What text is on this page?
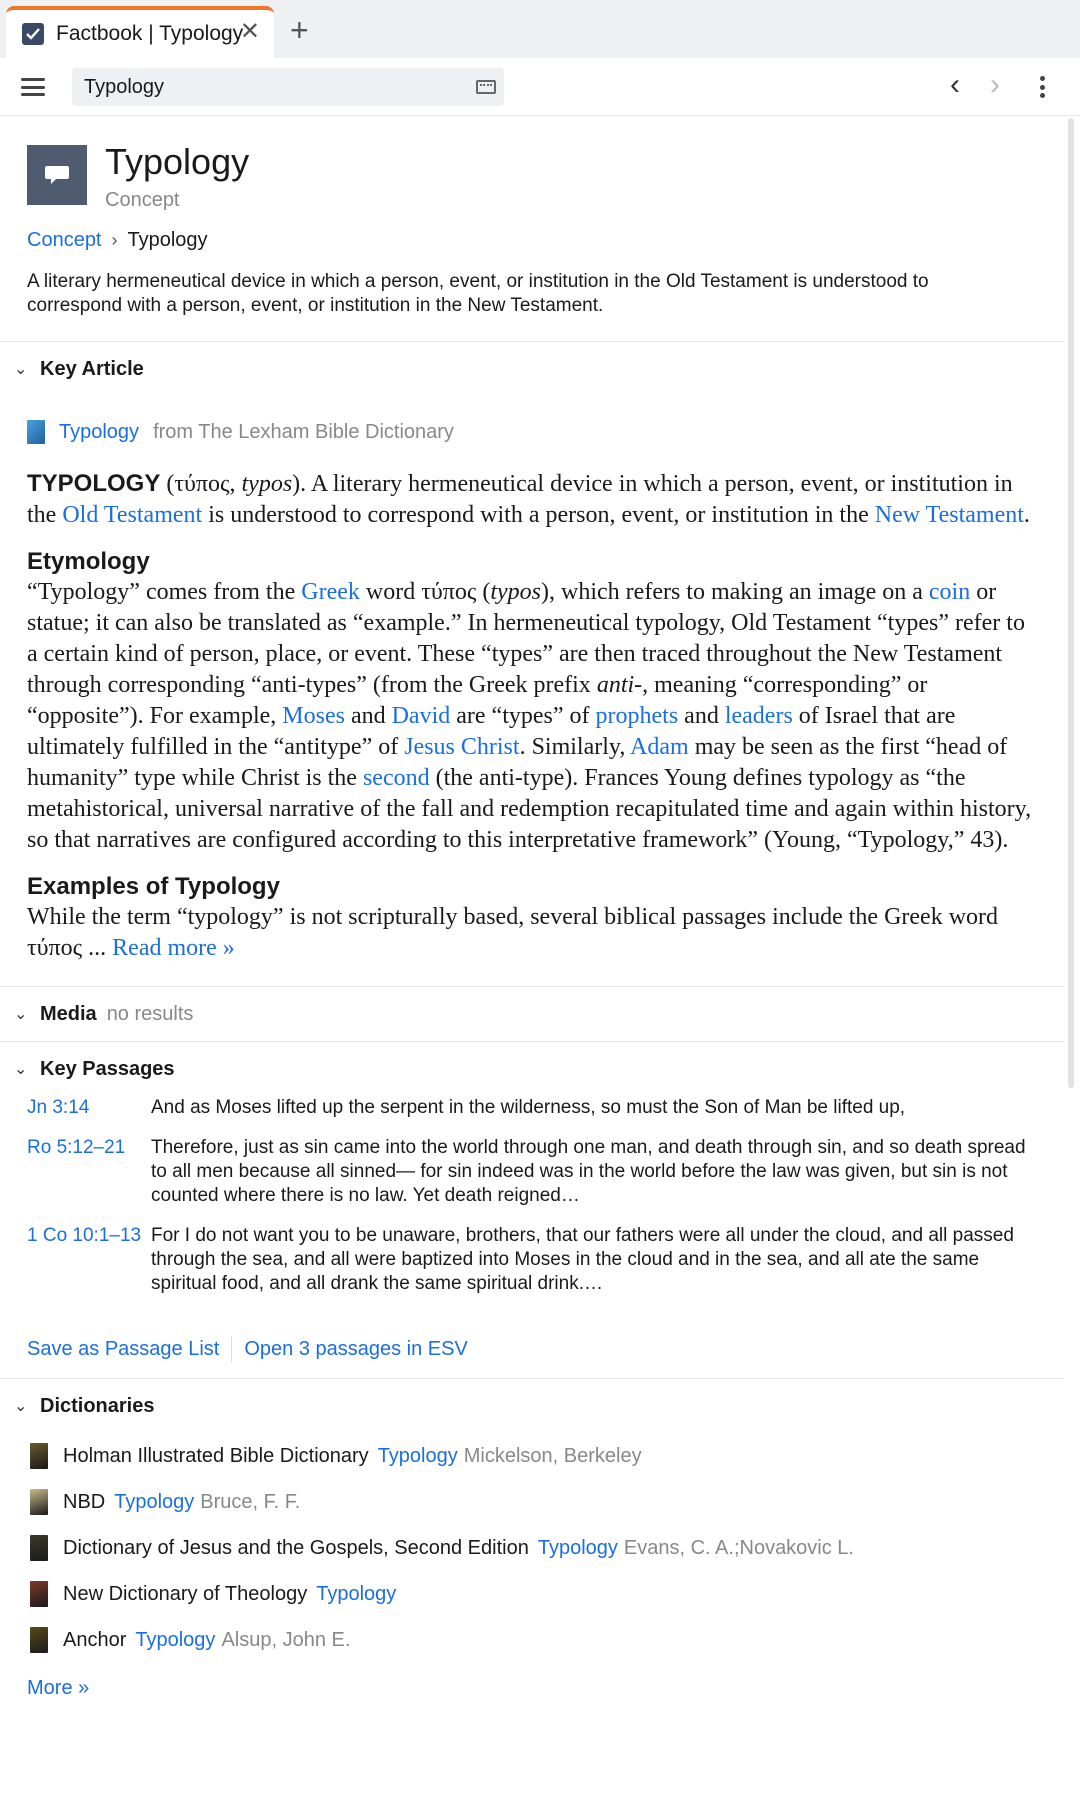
Factbook | Typology
✕ +
Typology
‹ ›
Typology
Concept
Concept › Typology
A literary hermeneutical device in which a person, event, or institution in the Old Testament is understood to correspond with a person, event, or institution in the New Testament.
⌄ Key Article
Typology from The Lexham Bible Dictionary

TYPOLOGY (τύπος, typos). A literary hermeneutical device in which a person, event, or institution in the Old Testament is understood to correspond with a person, event, or institution in the New Testament.

Etymology

“Typology” comes from the Greek word τύπος (typos), which refers to making an image on a coin or statue; it can also be translated as “example.” In hermeneutical typology, Old Testament “types” refer to a certain kind of person, place, or event. These “types” are then traced throughout the New Testament through corresponding “anti-types” (from the Greek prefix anti-, meaning “corresponding” or “opposite”). For example, Moses and David are “types” of prophets and leaders of Israel that are ultimately fulfilled in the “antitype” of Jesus Christ. Similarly, Adam may be seen as the first “head of humanity” type while Christ is the second (the anti-type). Frances Young defines typology as “the metahistorical, universal narrative of the fall and redemption recapitulated time and again within history, so that narratives are configured according to this interpretative framework” (Young, “Typology,” 43).

Examples of Typology

While the term “typology” is not scripturally based, several biblical passages include the Greek word τύπος ... Read more »

⌄ Media no results
⌄ Key Passages
Jn 3:14	And as Moses lifted up the serpent in the wilderness, so must the Son of Man be lifted up,
Ro 5:12–21	Therefore, just as sin came into the world through one man, and death through sin, and so death spread to all men because all sinned— for sin indeed was in the world before the law was given, but sin is not counted where there is no law. Yet death reigned…
1 Co 10:1–13 For I do not want you to be unaware, brothers, that our fathers were all under the cloud, and all passed through the sea, and all were baptized into Moses in the cloud and in the sea, and all ate the same spiritual food, and all drank the same spiritual drink.…
Save as Passage List Open 3 passages in ESV
⌄ Dictionaries
Holman Illustrated Bible Dictionary Typology Mickelson, Berkeley
NBD Typology Bruce, F. F.
Dictionary of Jesus and the Gospels, Second Edition Typology Evans, C. A.;Novakovic L.
New Dictionary of Theology Typology
Anchor Typology Alsup, John E.
More »
